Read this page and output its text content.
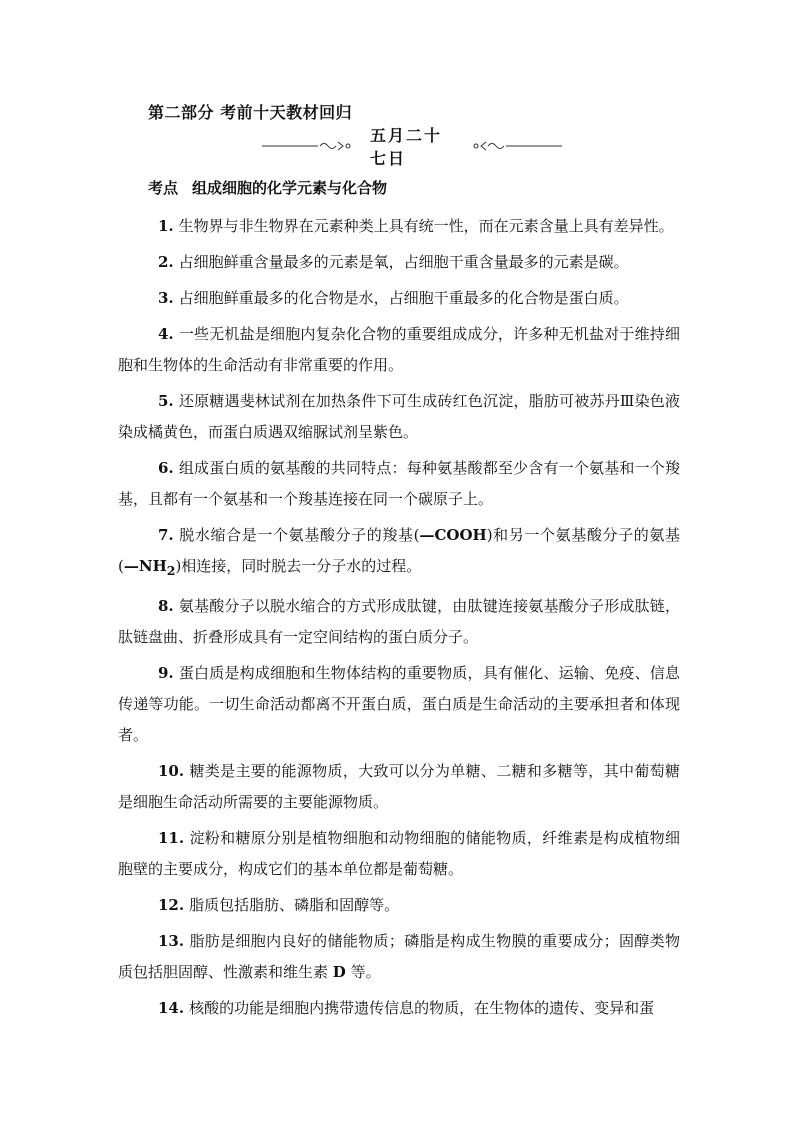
第二部分 考前十天教材回归
五月二十七日
考点 组成细胞的化学元素与化合物

1. 生物界与非生物界在元素种类上具有统一性，而在元素含量上具有差异性。

2. 占细胞鲜重含量最多的元素是氧，占细胞干重含量最多的元素是碳。

3. 占细胞鲜重最多的化合物是水，占细胞干重最多的化合物是蛋白质。

4. 一些无机盐是细胞内复杂化合物的重要组成成分，许多种无机盐对于维持细胞和生物体的生命活动有非常重要的作用。

5. 还原糖遇斐林试剂在加热条件下可生成砖红色沉淀，脂肪可被苏丹Ⅲ染色液染成橘黄色，而蛋白质遇双缩脲试剂呈紫色。

6. 组成蛋白质的氨基酸的共同特点：每种氨基酸都至少含有一个氨基和一个羧基，且都有一个氨基和一个羧基连接在同一个碳原子上。

7. 脱水缩合是一个氨基酸分子的羧基(—COOH)和另一个氨基酸分子的氨基$(—NH_2)$相连接，同时脱去一分子水的过程。

8. 氨基酸分子以脱水缩合的方式形成肽键，由肽键连接氨基酸分子形成肽链，肽链盘曲、折叠形成具有一定空间结构的蛋白质分子。

9. 蛋白质是构成细胞和生物体结构的重要物质，具有催化、运输、免疫、信息传递等功能。一切生命活动都离不开蛋白质，蛋白质是生命活动的主要承担者和体现者。

10. 糖类是主要的能源物质，大致可以分为单糖、二糖和多糖等，其中葡萄糖是细胞生命活动所需要的主要能源物质。

11. 淀粉和糖原分别是植物细胞和动物细胞的储能物质，纤维素是构成植物细胞壁的主要成分，构成它们的基本单位都是葡萄糖。

12. 脂质包括脂肪、磷脂和固醇等。

13. 脂肪是细胞内良好的储能物质；磷脂是构成生物膜的重要成分；固醇类物质包括胆固醇、性激素和维生素 D 等。

14. 核酸的功能是细胞内携带遗传信息的物质，在生物体的遗传、变异和蛋
